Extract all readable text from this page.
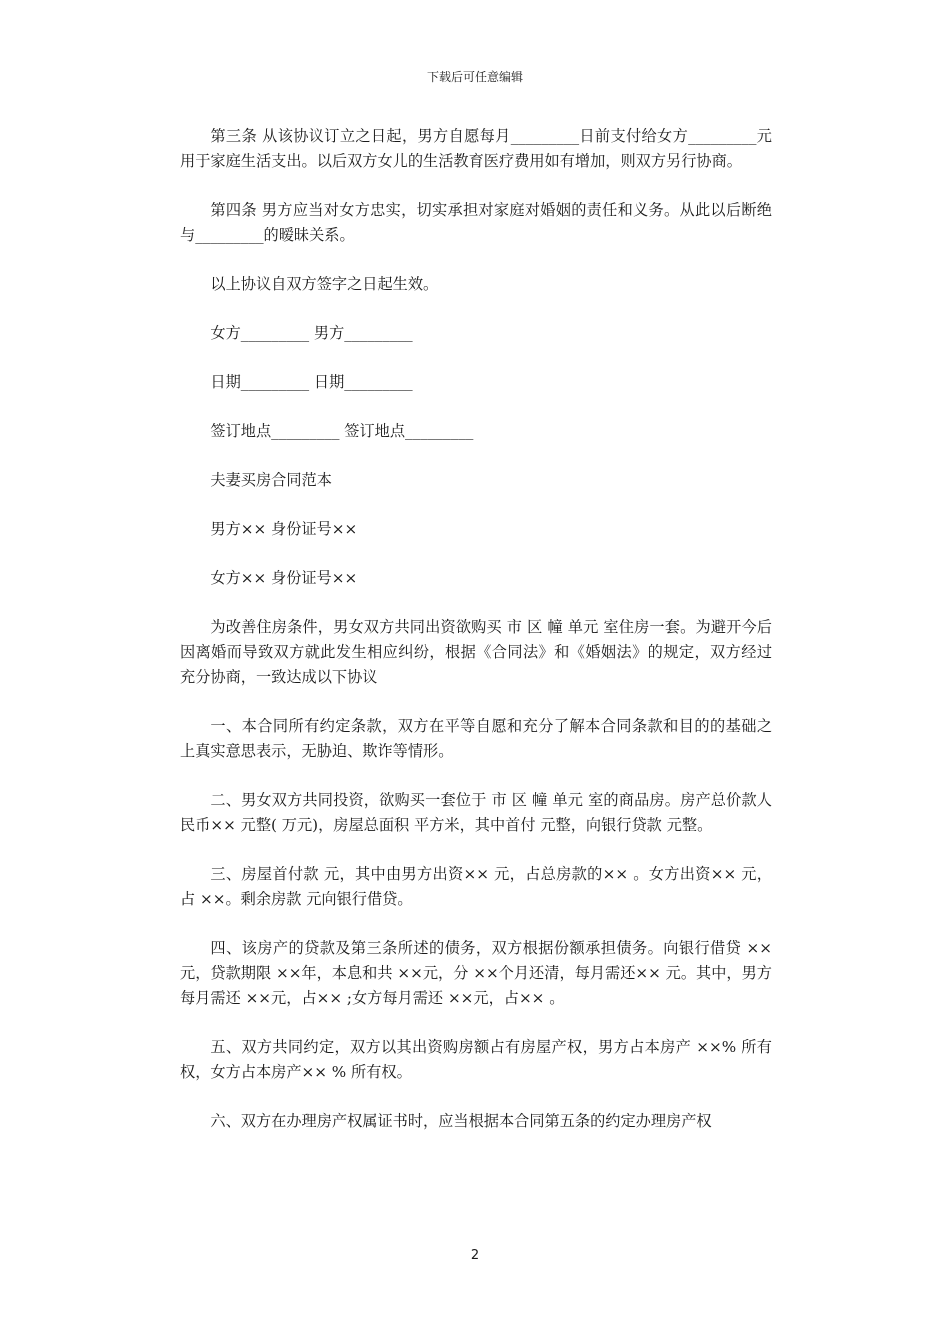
下载后可任意编辑

第三条 从该协议订立之日起，男方自愿每月_________日前支付给女方_________元用于家庭生活支出。以后双方女儿的生活教育医疗费用如有增加，则双方另行协商。

第四条 男方应当对女方忠实，切实承担对家庭对婚姻的责任和义务。从此以后断绝与_________的暧昧关系。

以上协议自双方签字之日起生效。

女方_________ 男方_________

日期_________ 日期_________

签订地点_________ 签订地点_________

夫妻买房合同范本

男方×× 身份证号××

女方×× 身份证号××

为改善住房条件，男女双方共同出资欲购买 市 区 幢 单元 室住房一套。为避开今后因离婚而导致双方就此发生相应纠纷，根据《合同法》和《婚姻法》的规定，双方经过充分协商，一致达成以下协议

一、本合同所有约定条款，双方在平等自愿和充分了解本合同条款和目的的基础之上真实意思表示，无胁迫、欺诈等情形。

二、男女双方共同投资，欲购买一套位于 市 区 幢 单元 室的商品房。房产总价款人民币×× 元整( 万元)，房屋总面积 平方米，其中首付 元整，向银行贷款 元整。

三、房屋首付款 元，其中由男方出资×× 元，占总房款的×× 。女方出资×× 元，占 ××。剩余房款 元向银行借贷。

四、该房产的贷款及第三条所述的债务，双方根据份额承担债务。向银行借贷 ××元，贷款期限 ××年，本息和共 ××元，分 ××个月还清，每月需还×× 元。其中，男方每月需还 ××元，占×× ;女方每月需还 ××元，占×× 。

五、双方共同约定，双方以其出资购房额占有房屋产权，男方占本房产 ××% 所有权，女方占本房产×× % 所有权。

六、双方在办理房产权属证书时，应当根据本合同第五条的约定办理房产权

2
